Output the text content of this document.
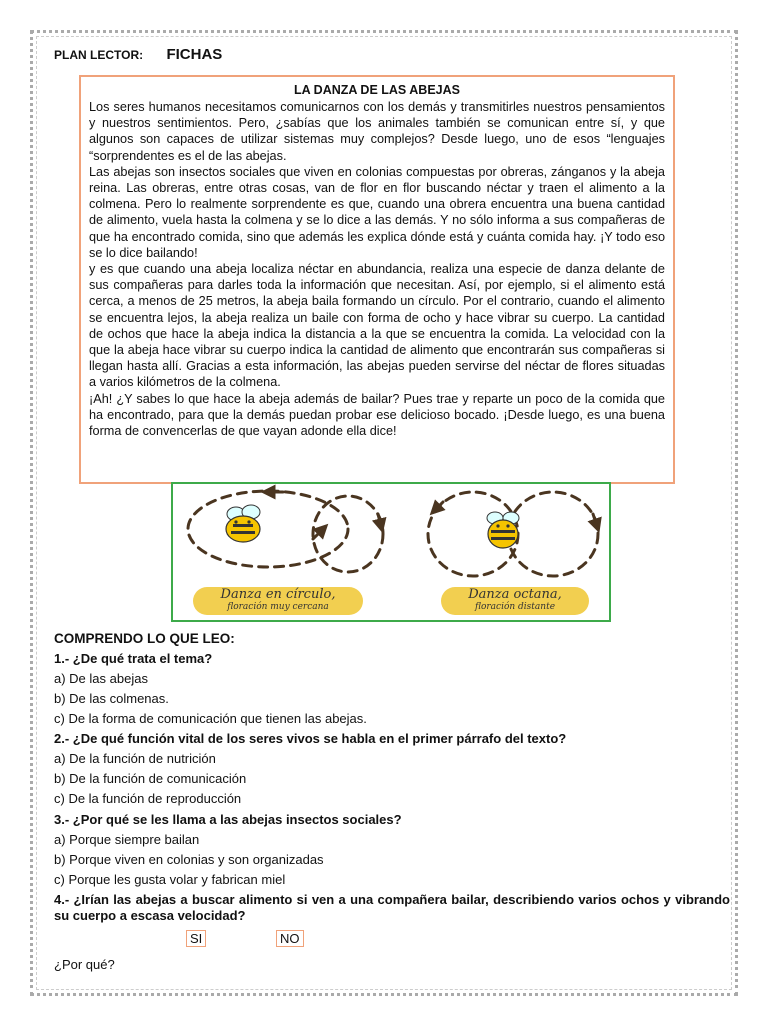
PLAN LECTOR: FICHAS
LA DANZA DE LAS ABEJAS

Los seres humanos necesitamos comunicarnos con los demás y transmitirles nuestros pensamientos y nuestros sentimientos. Pero, ¿sabías que los animales también se comunican entre sí, y que algunos son capaces de utilizar sistemas muy complejos? Desde luego, uno de esos “lenguajes “sorprendentes es el de las abejas.

Las abejas son insectos sociales que viven en colonias compuestas por obreras, zánganos y la abeja reina. Las obreras, entre otras cosas, van de flor en flor buscando néctar y traen el alimento a la colmena. Pero lo realmente sorprendente es que, cuando una obrera encuentra una buena cantidad de alimento, vuela hasta la colmena y se lo dice a las demás. Y no sólo informa a sus compañeras de que ha encontrado comida, sino que además les explica dónde está y cuánta comida hay. ¡Y todo eso se lo dice bailando!

y es que cuando una abeja localiza néctar en abundancia, realiza una especie de danza delante de sus compañeras para darles toda la información que necesitan. Así, por ejemplo, si el alimento está cerca, a menos de 25 metros, la abeja baila formando un círculo. Por el contrario, cuando el alimento se encuentra lejos, la abeja realiza un baile con forma de ocho y hace vibrar su cuerpo. La cantidad de ochos que hace la abeja indica la distancia a la que se encuentra la comida. La velocidad con la que la abeja hace vibrar su cuerpo indica la cantidad de alimento que encontrarán sus compañeras si llegan hasta allí. Gracias a esta información, las abejas pueden servirse del néctar de flores situadas a varios kilómetros de la colmena.

¡Ah! ¿Y sabes lo que hace la abeja además de bailar? Pues trae y reparte un poco de la comida que ha encontrado, para que la demás puedan probar ese delicioso bocado. ¡Desde luego, es una buena forma de convencerlas de que vayan adonde ella dice!

Danza en círculo,
floración muy cercana
Danza octana,
floración distante
COMPRENDO LO QUE LEO:
1.- ¿De qué trata el tema?
a) De las abejas
b) De las colmenas.
c) De la forma de comunicación que tienen las abejas.
2.- ¿De qué función vital de los seres vivos se habla en el primer párrafo del texto?
a) De la función de nutrición
b) De la función de comunicación
c) De la función de reproducción
3.- ¿Por qué se les llama a las abejas insectos sociales?
a) Porque siempre bailan
b) Porque viven en colonias y son organizadas
c) Porque les gusta volar y fabrican miel
4.- ¿Irían las abejas a buscar alimento si ven a una compañera bailar, describiendo varios ochos y vibrando su cuerpo a escasa velocidad?
SI	NO
¿Por qué?
